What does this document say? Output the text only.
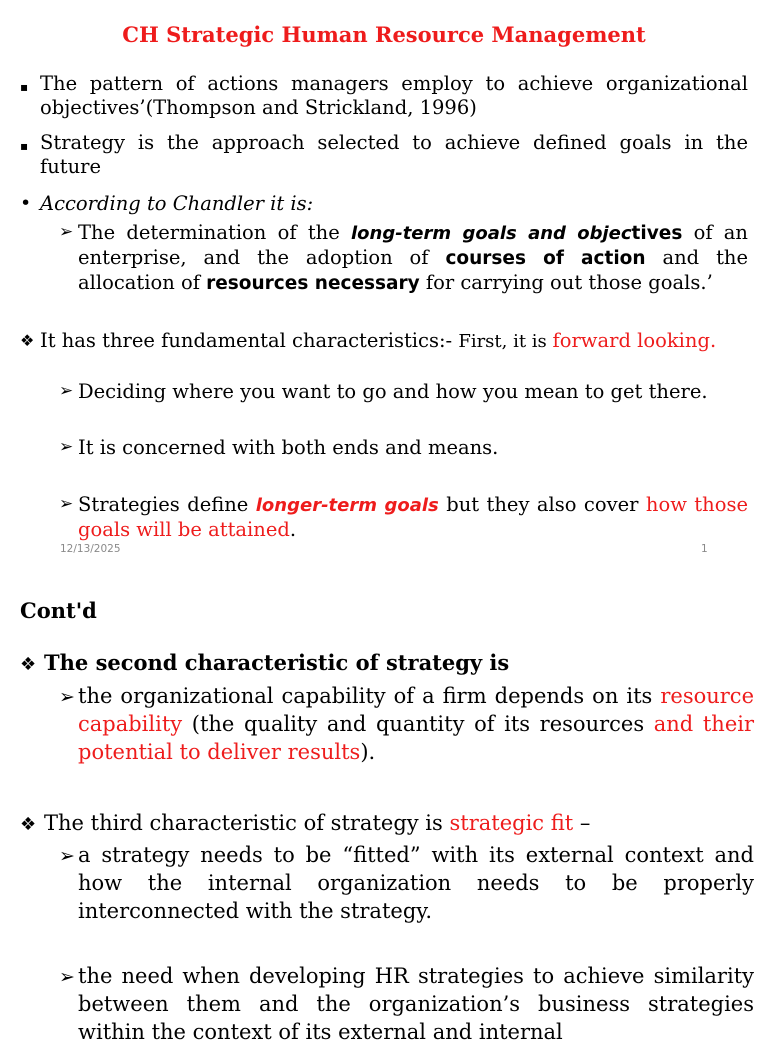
CH Strategic Human Resource Management
▪ The pattern of actions managers employ to achieve organizational objectives’(Thompson and Strickland, 1996)
▪ Strategy is the approach selected to achieve defined goals in the future
• According to Chandler it is:
➢ The determination of the long-term goals and objectives of an enterprise, and the adoption of courses of action and the allocation of resources necessary for carrying out those goals.’
❖ It has three fundamental characteristics:- First, it is forward looking.
➢ Deciding where you want to go and how you mean to get there.
➢ It is concerned with both ends and means.
➢ Strategies define longer-term goals but they also cover how those goals will be attained.
12/13/2025	1
Cont'd
❖ The second characteristic of strategy is
➢ the organizational capability of a firm depends on its resource capability (the quality and quantity of its resources and their potential to deliver results).
❖ The third characteristic of strategy is strategic fit –
➢ a strategy needs to be “fitted” with its external context and how the internal organization needs to be properly interconnected with the strategy.
➢ the need when developing HR strategies to achieve similarity between them and the organization’s business strategies within the context of its external and internal
